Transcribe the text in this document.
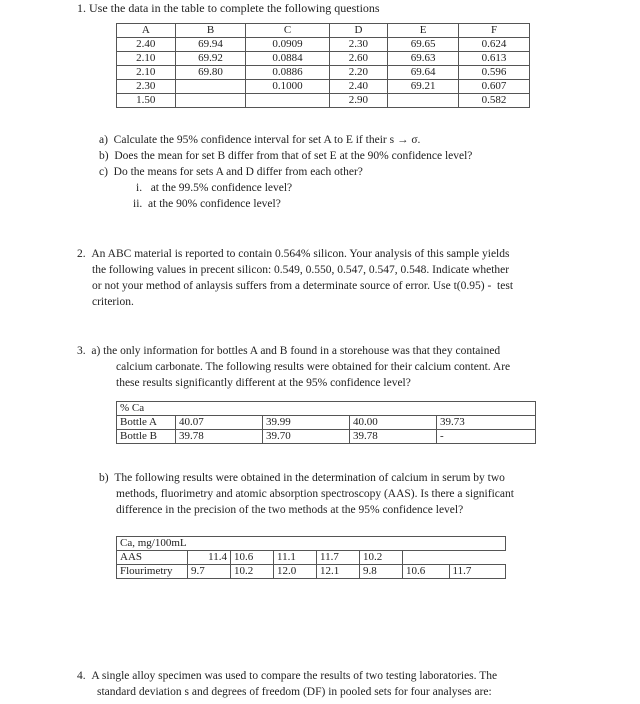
1. Use the data in the table to complete the following questions
A	B	C	D	E	F
2.40	69.94	0.0909	2.30	69.65	0.624
2.10	69.92	0.0884	2.60	69.63	0.613
2.10	69.80	0.0886	2.20	69.64	0.596
2.30		0.1000	2.40	69.21	0.607
1.50			2.90		0.582
a)  Calculate the 95% confidence interval for set A to E if their s → σ.
b)  Does the mean for set B differ from that of set E at the 90% confidence level?
c)  Do the means for sets A and D differ from each other?
i.   at the 99.5% confidence level?
ii.  at the 90% confidence level?
2.  An ABC material is reported to contain 0.564% silicon. Your analysis of this sample yields
the following values in precent silicon: 0.549, 0.550, 0.547, 0.547, 0.548. Indicate whether
or not your method of anlaysis suffers from a determinate source of error. Use t(0.95) -  test
criterion.
3.  a) the only information for bottles A and B found in a storehouse was that they contained
calcium carbonate. The following results were obtained for their calcium content. Are
these results significantly different at the 95% confidence level?
% Ca				
Bottle A	40.07	39.99	40.00	39.73
Bottle B	39.78	39.70	39.78	-
b)  The following results were obtained in the determination of calcium in serum by two
methods, fluorimetry and atomic absorption spectroscopy (AAS). Is there a significant
difference in the precision of the two methods at the 95% confidence level?
Ca, mg/100mL							
AAS	11.4	10.6	11.1	11.7	10.2		
Flourimetry	9.7	10.2	12.0	12.1	9.8	10.6	11.7
4.  A single alloy specimen was used to compare the results of two testing laboratories. The
standard deviation s and degrees of freedom (DF) in pooled sets for four analyses are:
